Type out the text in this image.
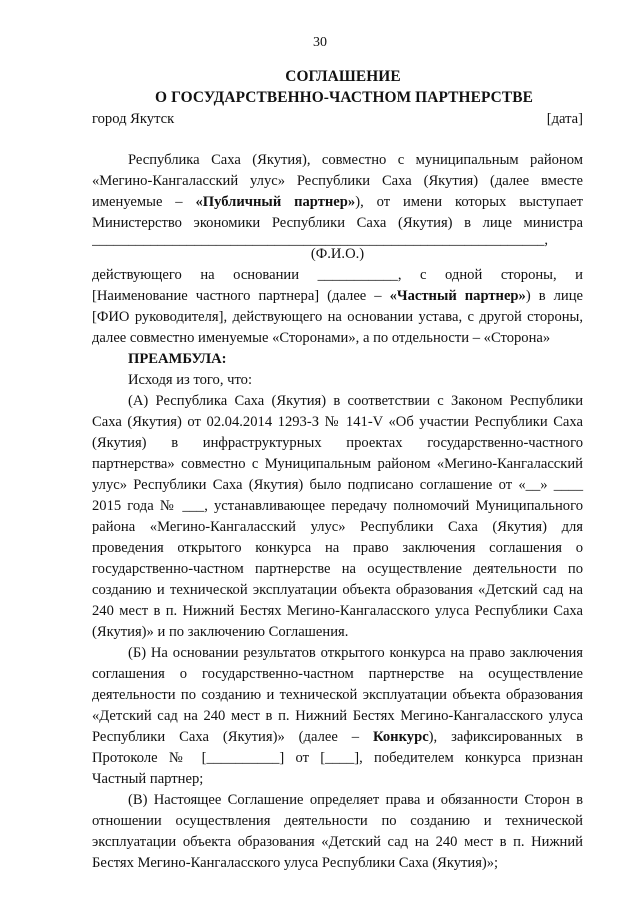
30
СОГЛАШЕНИЕ
О ГОСУДАРСТВЕННО-ЧАСТНОМ ПАРТНЕРСТВЕ
город Якутск	[дата]
Республика Саха (Якутия), совместно с муниципальным районом
«Мегино-Кангаласский улус» Республики Саха (Якутия) (далее вместе
именуемые – «Публичный партнер»), от имени которых выступает
Министерство экономики Республики Саха (Якутия) в лице министра
______________________________________________________________,
(Ф.И.О.)
действующего на основании ___________, с одной стороны, и
[Наименование частного партнера] (далее – «Частный партнер») в лице
[ФИО руководителя], действующего на основании устава, с другой стороны,
далее совместно именуемые «Сторонами», а по отдельности – «Сторона»
ПРЕАМБУЛА:
Исходя из того, что:
(А) Республика Саха (Якутия) в соответствии с Законом Республики
Саха (Якутия) от 02.04.2014 1293-З № 141-V «Об участии Республики Саха
(Якутия) в инфраструктурных проектах государственно-частного
партнерства» совместно с Муниципальным районом «Мегино-Кангаласский
улус» Республики Саха (Якутия) было подписано соглашение от «__» ____
2015 года № ___, устанавливающее передачу полномочий Муниципального
района «Мегино-Кангаласский улус» Республики Саха (Якутия) для
проведения открытого конкурса на право заключения соглашения о
государственно-частном партнерстве на осуществление деятельности по
созданию и технической эксплуатации объекта образования «Детский сад на
240 мест в п. Нижний Бестях Мегино-Кангаласского улуса Республики Саха
(Якутия)» и по заключению Соглашения.
(Б) На основании результатов открытого конкурса на право заключения
соглашения о государственно-частном партнерстве на осуществление
деятельности по созданию и технической эксплуатации объекта образования
«Детский сад на 240 мест в п. Нижний Бестях Мегино-Кангаласского улуса
Республики Саха (Якутия)» (далее – Конкурс), зафиксированных в
Протоколе № [__________] от [____], победителем конкурса признан
Частный партнер;
(В) Настоящее Соглашение определяет права и обязанности Сторон в
отношении осуществления деятельности по созданию и технической
эксплуатации объекта образования «Детский сад на 240 мест в п. Нижний
Бестях Мегино-Кангаласского улуса Республики Саха (Якутия)»;
